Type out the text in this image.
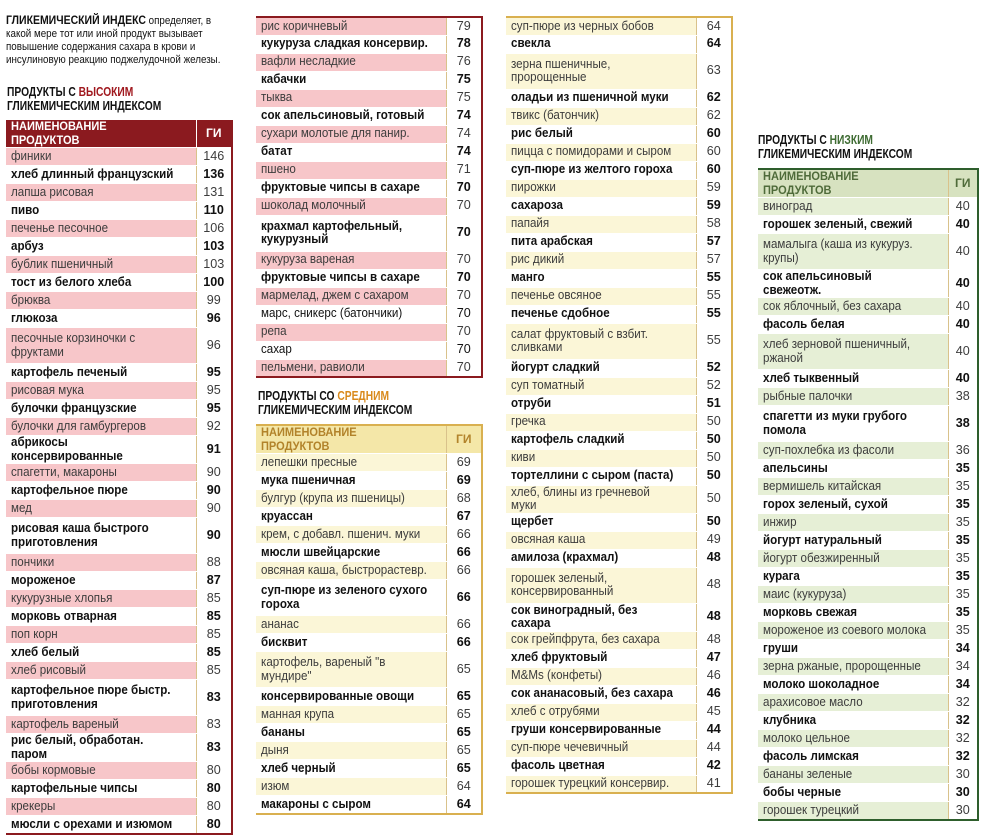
ГЛИКЕМИЧЕСКИЙ ИНДЕКС определяет, в какой мере тот или иной продукт вызывает повышение содержания сахара в крови и инсулиновую реакцию поджелудочной железы.
ПРОДУКТЫ С ВЫСОКИМ
ГЛИКЕМИЧЕСКИМ ИНДЕКСОМ
НАИМЕНОВАНИЕ ПРОДУКТОВ	ГИ
финики	146
хлеб длинный французский	136
лапша рисовая	131
пиво	110
печенье песочное	106
арбуз	103
бублик пшеничный	103
тост из белого хлеба	100
брюква	99
глюкоза	96
песочные корзиночки с фруктами	96
картофель печеный	95
рисовая мука	95
булочки французские	95
булочки для гамбургеров	92
абрикосы консервированные	91
спагетти, макароны	90
картофельное пюре	90
мед	90
рисовая каша быстрого приготовления	90
пончики	88
мороженое	87
кукурузные хлопья	85
морковь отварная	85
поп корн	85
хлеб белый	85
хлеб рисовый	85
картофельное пюре быстр. приготовления	83
картофель вареный	83
рис белый, обработан. паром	83
бобы кормовые	80
картофельные чипсы	80
крекеры	80
мюсли с орехами и изюмом	80
рис коричневый	79
кукуруза сладкая консервир.	78
вафли несладкие	76
кабачки	75
тыква	75
сок апельсиновый, готовый	74
сухари молотые для панир.	74
батат	74
пшено	71
фруктовые чипсы в сахаре	70
шоколад молочный	70
крахмал картофельный, кукурузный	70
кукуруза вареная	70
фруктовые чипсы в сахаре	70
мармелад, джем с сахаром	70
марс, сникерс (батончики)	70
репа	70
сахар	70
пельмени, равиоли	70
ПРОДУКТЫ СО СРЕДНИМ
ГЛИКЕМИЧЕСКИМ ИНДЕКСОМ
НАИМЕНОВАНИЕ ПРОДУКТОВ	ГИ
лепешки пресные	69
мука пшеничная	69
булгур (крупа из пшеницы)	68
круассан	67
крем, с добавл. пшенич. муки	66
мюсли швейцарские	66
овсяная каша, быстрорастевр.	66
суп-пюре из зеленого сухого гороха	66
ананас	66
бисквит	66
картофель, вареный "в мундире"	65
консервированные овощи	65
манная крупа	65
бананы	65
дыня	65
хлеб черный	65
изюм	64
макароны с сыром	64
суп-пюре из черных бобов	64
свекла	64
зерна пшеничные, пророщенные	63
оладьи из пшеничной муки	62
твикс (батончик)	62
рис белый	60
пицца с помидорами и сыром	60
суп-пюре из желтого гороха	60
пирожки	59
сахароза	59
папайя	58
пита арабская	57
рис дикий	57
манго	55
печенье овсяное	55
печенье сдобное	55
салат фруктовый с взбит. сливками	55
йогурт сладкий	52
суп томатный	52
отруби	51
гречка	50
картофель сладкий	50
киви	50
тортеллини с сыром (паста)	50
хлеб, блины из гречневой муки	50
щербет	50
овсяная каша	49
амилоза (крахмал)	48
горошек зеленый, консервированный	48
сок виноградный, без сахара	48
сок грейпфрута, без сахара	48
хлеб фруктовый	47
M&Ms (конфеты)	46
сок ананасовый, без сахара	46
хлеб с отрубями	45
груши консервированные	44
суп-пюре чечевичный	44
фасоль цветная	42
горошек турецкий консервир.	41
ПРОДУКТЫ С НИЗКИМ
ГЛИКЕМИЧЕСКИМ ИНДЕКСОМ
НАИМЕНОВАНИЕ ПРОДУКТОВ	ГИ
виноград	40
горошек зеленый, свежий	40
мамалыга (каша из кукуруз. крупы)	40
сок апельсиновый свежеотж.	40
сок яблочный, без сахара	40
фасоль белая	40
хлеб зерновой пшеничный, ржаной	40
хлеб тыквенный	40
рыбные палочки	38
спагетти из муки грубого помола	38
суп-похлебка из фасоли	36
апельсины	35
вермишель китайская	35
горох зеленый, сухой	35
инжир	35
йогурт натуральный	35
йогурт обезжиренный	35
курага	35
маис (кукуруза)	35
морковь свежая	35
мороженое из соевого молока	35
груши	34
зерна ржаные, пророщенные	34
молоко шоколадное	34
арахисовое масло	32
клубника	32
молоко цельное	32
фасоль лимская	32
бананы зеленые	30
бобы черные	30
горошек турецкий	30
